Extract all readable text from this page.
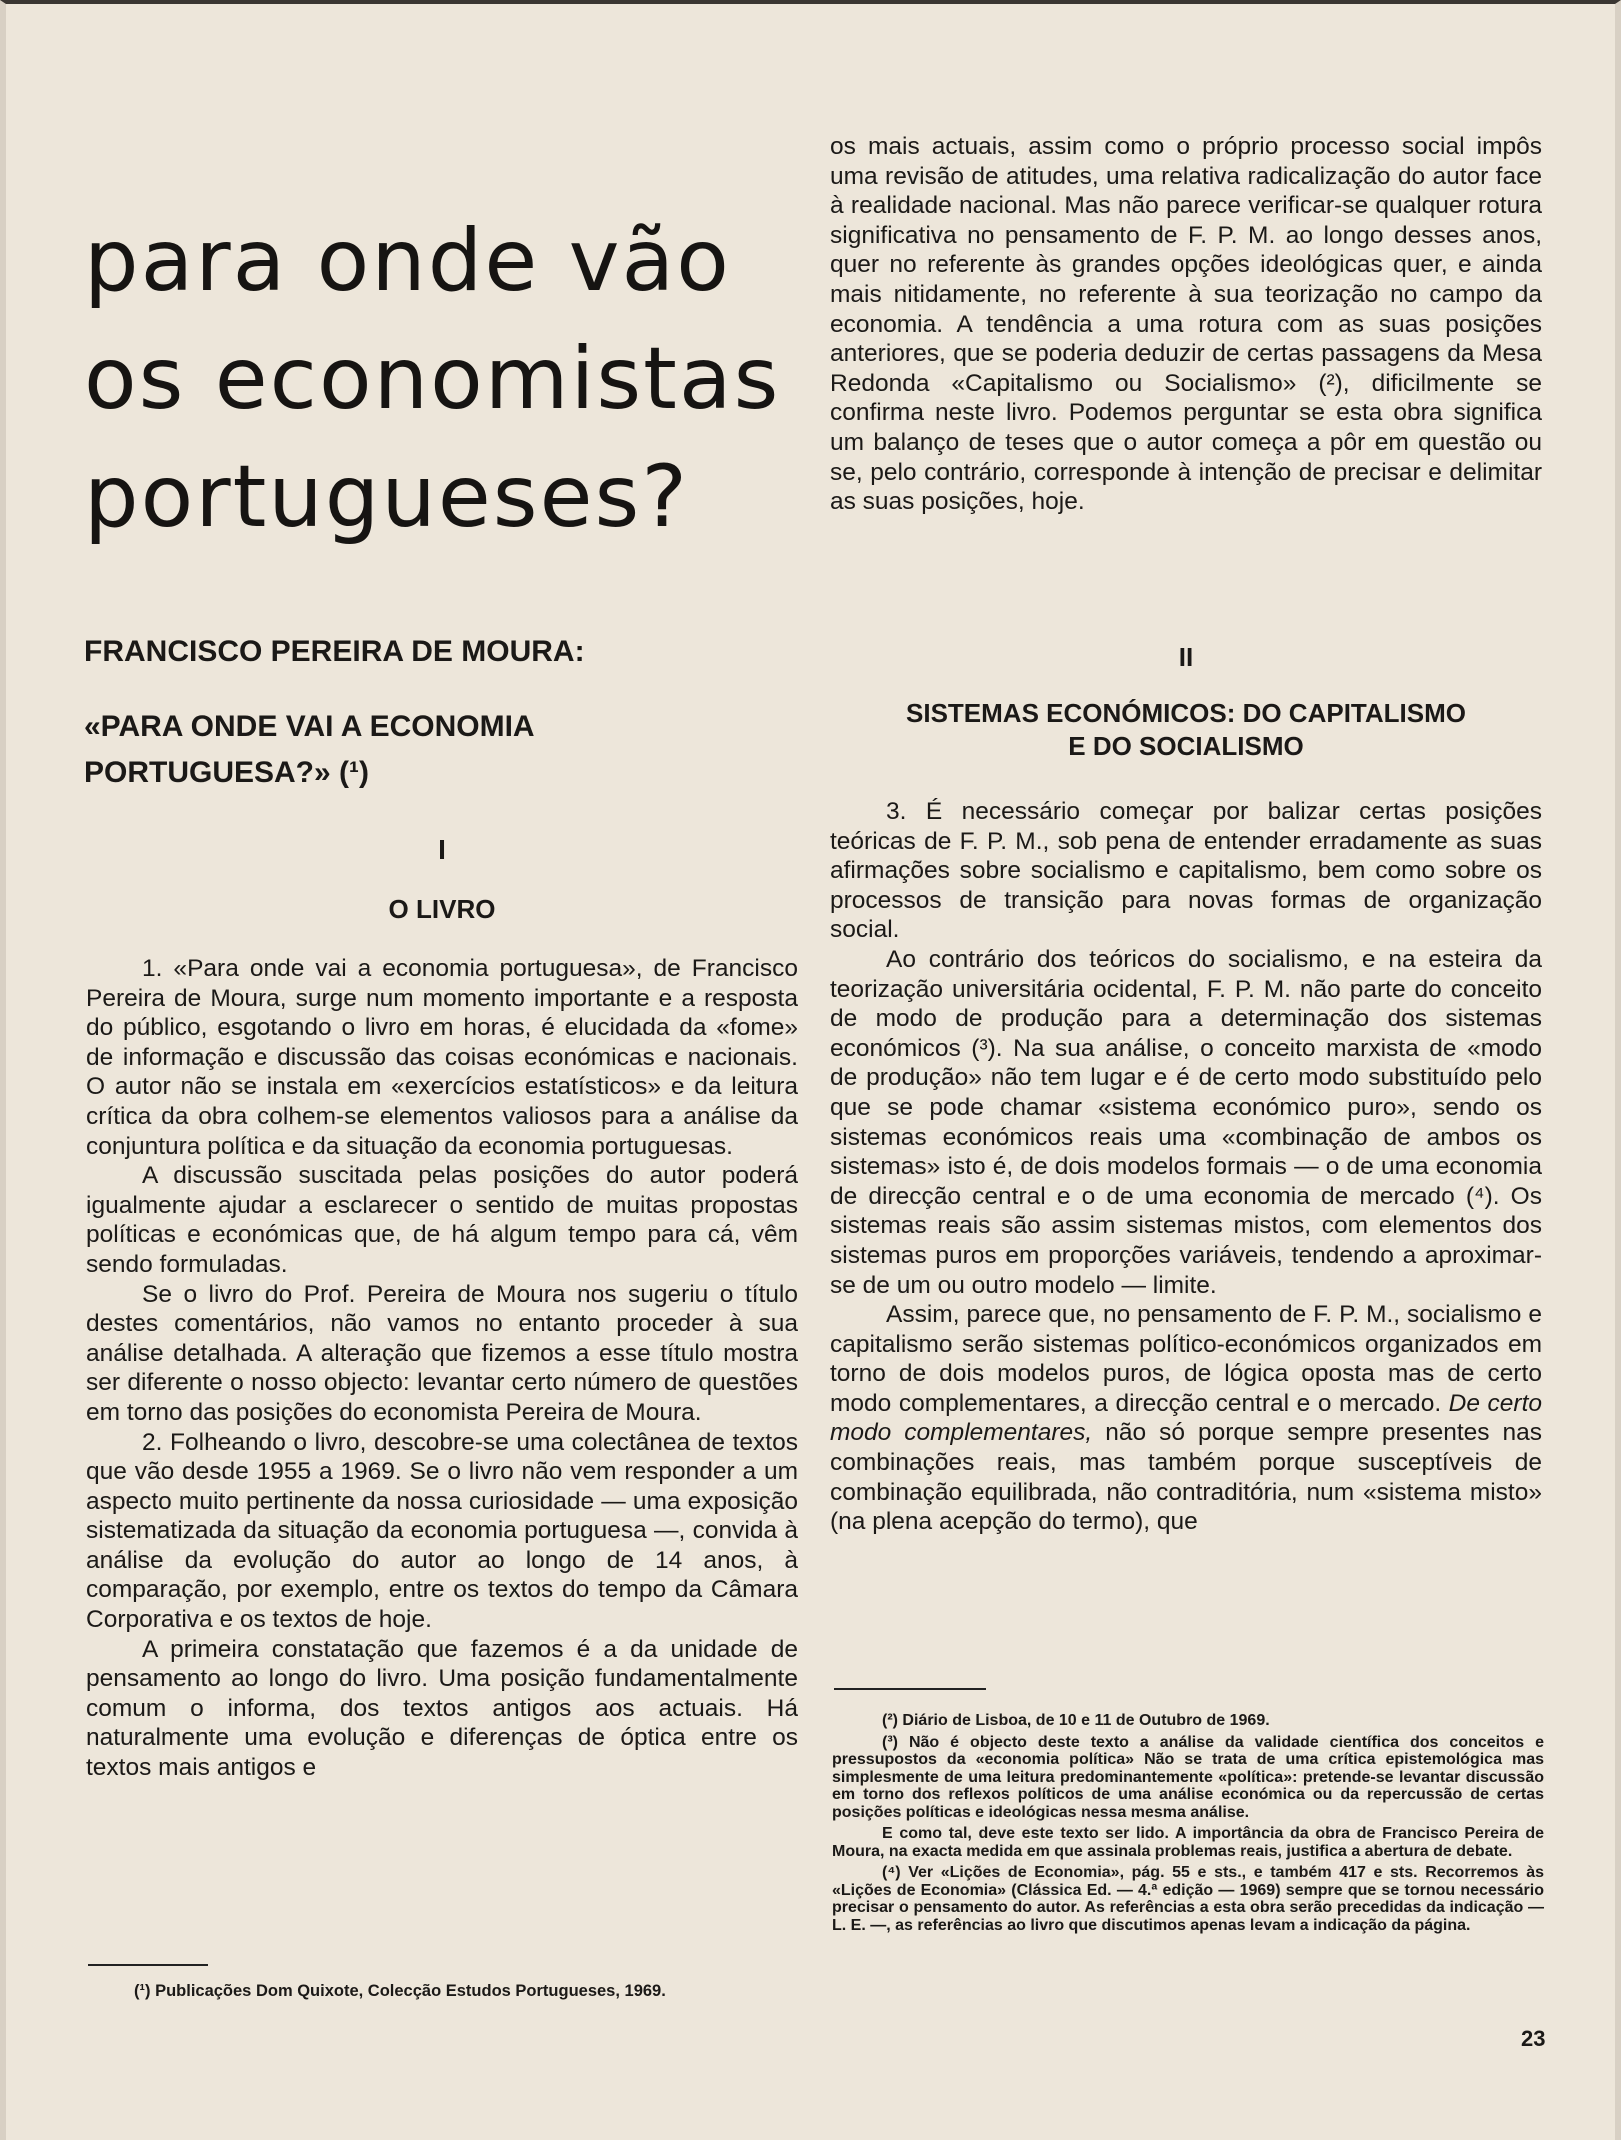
para onde vão
os economistas
portugueses?
FRANCISCO PEREIRA DE MOURA:
«PARA ONDE VAI A ECONOMIA
PORTUGUESA?» (¹)
I
O LIVRO

1. «Para onde vai a economia portuguesa», de Francisco Pereira de Moura, surge num momento importante e a resposta do público, esgotando o livro em horas, é elucidada da «fome» de informação e discussão das coisas económicas e nacionais. O autor não se instala em «exercícios estatísticos» e da leitura crítica da obra colhem-se elementos valiosos para a análise da conjuntura política e da situação da economia portuguesas.

A discussão suscitada pelas posições do autor poderá igualmente ajudar a esclarecer o sentido de muitas propostas políticas e económicas que, de há algum tempo para cá, vêm sendo formuladas.

Se o livro do Prof. Pereira de Moura nos sugeriu o título destes comentários, não vamos no entanto proceder à sua análise detalhada. A alteração que fizemos a esse título mostra ser diferente o nosso objecto: levantar certo número de questões em torno das posições do economista Pereira de Moura.

2. Folheando o livro, descobre-se uma colectânea de textos que vão desde 1955 a 1969. Se o livro não vem responder a um aspecto muito pertinente da nossa curiosidade — uma exposição sistematizada da situação da economia portuguesa —, convida à análise da evolução do autor ao longo de 14 anos, à comparação, por exemplo, entre os textos do tempo da Câmara Corporativa e os textos de hoje.

A primeira constatação que fazemos é a da unidade de pensamento ao longo do livro. Uma posição fundamentalmente comum o informa, dos textos antigos aos actuais. Há naturalmente uma evolução e diferenças de óptica entre os textos mais antigos e

os mais actuais, assim como o próprio processo social impôs uma revisão de atitudes, uma relativa radicalização do autor face à realidade nacional. Mas não parece verificar-se qualquer rotura significativa no pensamento de F. P. M. ao longo desses anos, quer no referente às grandes opções ideológicas quer, e ainda mais nitidamente, no referente à sua teorização no campo da economia. A tendência a uma rotura com as suas posições anteriores, que se poderia deduzir de certas passagens da Mesa Redonda «Capitalismo ou Socialismo» (²), dificilmente se confirma neste livro. Podemos perguntar se esta obra significa um balanço de teses que o autor começa a pôr em questão ou se, pelo contrário, corresponde à intenção de precisar e delimitar as suas posições, hoje.

II
SISTEMAS ECONÓMICOS: DO CAPITALISMO
E DO SOCIALISMO

3. É necessário começar por balizar certas posições teóricas de F. P. M., sob pena de entender erradamente as suas afirmações sobre socialismo e capitalismo, bem como sobre os processos de transição para novas formas de organização social.

Ao contrário dos teóricos do socialismo, e na esteira da teorização universitária ocidental, F. P. M. não parte do conceito de modo de produção para a determinação dos sistemas económicos (³). Na sua análise, o conceito marxista de «modo de produção» não tem lugar e é de certo modo substituído pelo que se pode chamar «sistema económico puro», sendo os sistemas económicos reais uma «combinação de ambos os sistemas» isto é, de dois modelos formais — o de uma economia de direcção central e o de uma economia de mercado (⁴). Os sistemas reais são assim sistemas mistos, com elementos dos sistemas puros em proporções variáveis, tendendo a aproximar-se de um ou outro modelo — limite.

Assim, parece que, no pensamento de F. P. M., socialismo e capitalismo serão sistemas político-económicos organizados em torno de dois modelos puros, de lógica oposta mas de certo modo complementares, a direcção central e o mercado. De certo modo complementares, não só porque sempre presentes nas combinações reais, mas também porque susceptíveis de combinação equilibrada, não contraditória, num «sistema misto» (na plena acepção do termo), que

(¹) Publicações Dom Quixote, Colecção Estudos Portugueses, 1969.

(²) Diário de Lisboa, de 10 e 11 de Outubro de 1969.

(³) Não é objecto deste texto a análise da validade científica dos conceitos e pressupostos da «economia política» Não se trata de uma crítica epistemológica mas simplesmente de uma leitura predominantemente «política»: pretende-se levantar discussão em torno dos reflexos políticos de uma análise económica ou da repercussão de certas posições políticas e ideológicas nessa mesma análise.

E como tal, deve este texto ser lido. A importância da obra de Francisco Pereira de Moura, na exacta medida em que assinala problemas reais, justifica a abertura de debate.

(⁴) Ver «Lições de Economia», pág. 55 e sts., e também 417 e sts. Recorremos às «Lições de Economia» (Clássica Ed. — 4.ª edição — 1969) sempre que se tornou necessário precisar o pensamento do autor. As referências a esta obra serão precedidas da indicação — L. E. —, as referências ao livro que discutimos apenas levam a indicação da página.

23
